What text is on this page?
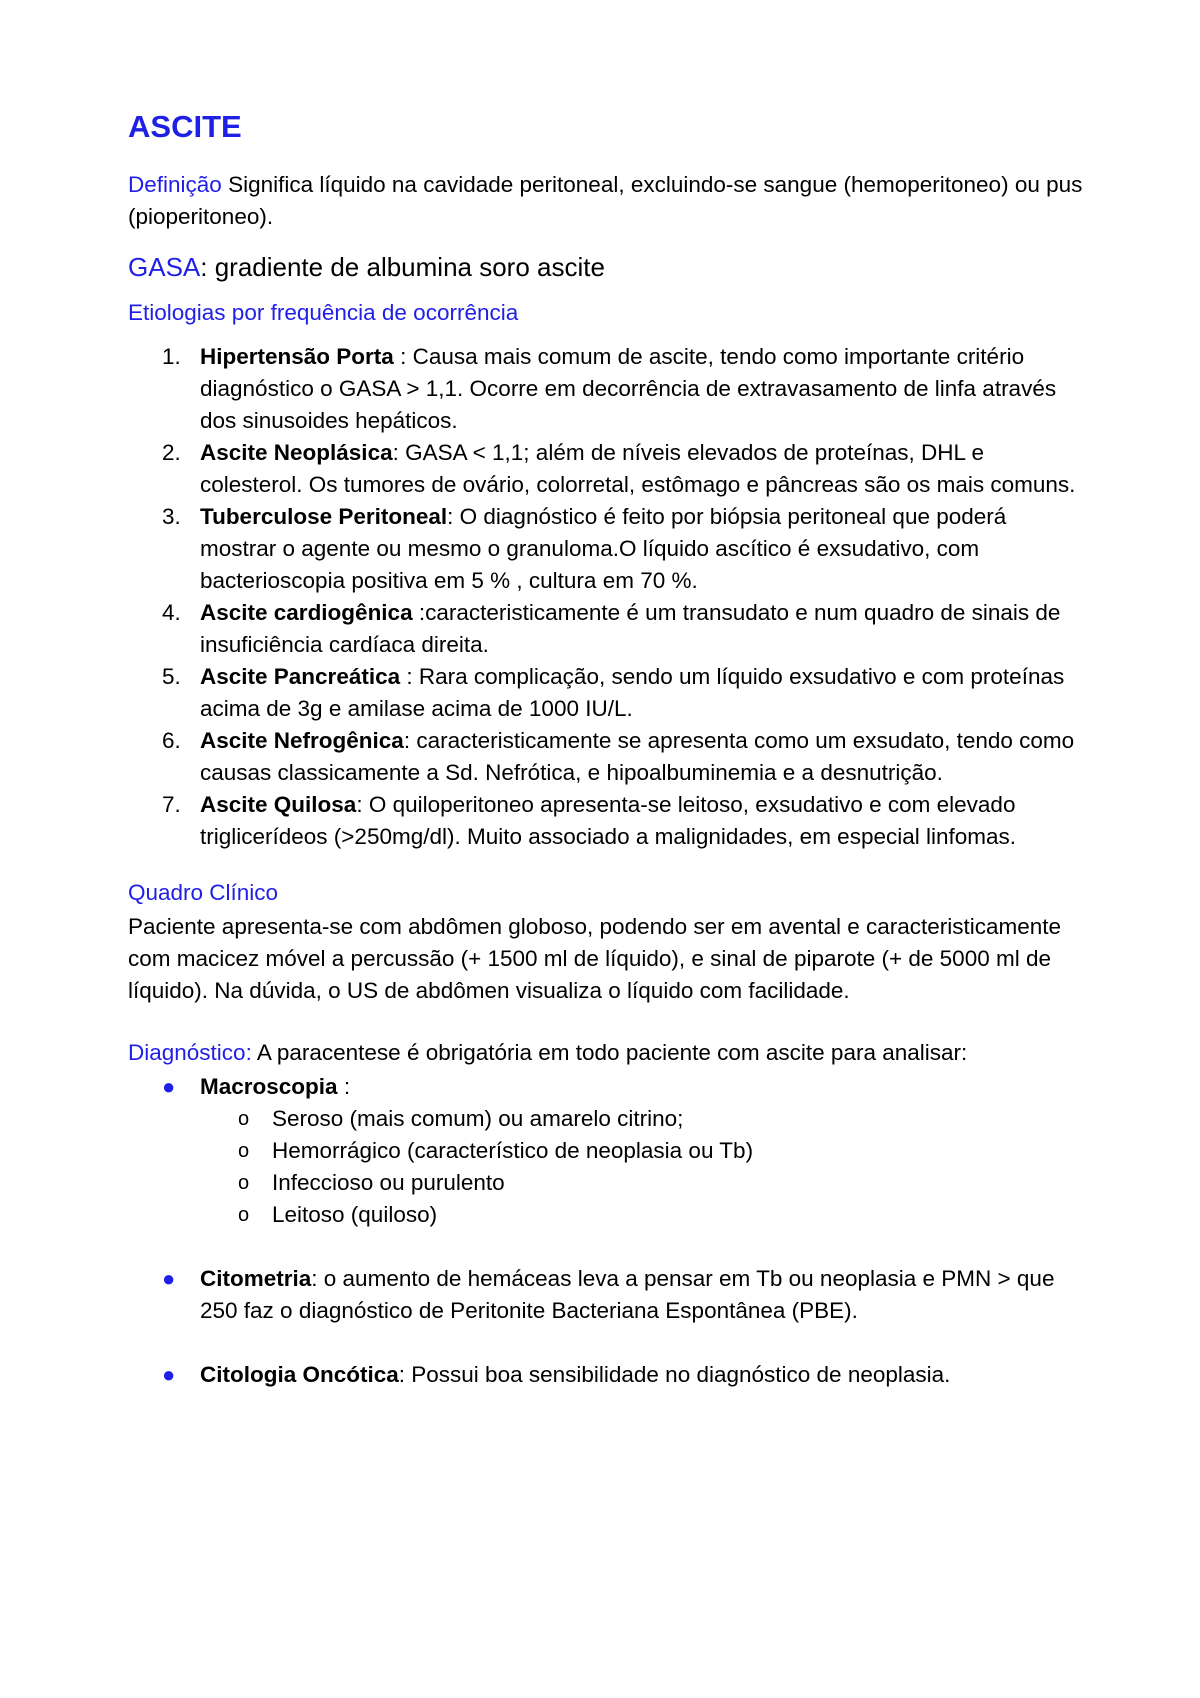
ASCITE

Definição Significa líquido na cavidade peritoneal, excluindo-se sangue (hemoperitoneo) ou pus (pioperitoneo).

GASA: gradiente de albumina soro ascite

Etiologias por frequência de ocorrência

1. Hipertensão Porta : Causa mais comum de ascite, tendo como importante critério diagnóstico o GASA > 1,1. Ocorre em decorrência de extravasamento de linfa através dos sinusoides hepáticos.
2. Ascite Neoplásica: GASA < 1,1; além de níveis elevados de proteínas, DHL e colesterol. Os tumores de ovário, colorretal, estômago e pâncreas são os mais comuns.
3. Tuberculose Peritoneal: O diagnóstico é feito por biópsia peritoneal que poderá mostrar o agente ou mesmo o granuloma.O líquido ascítico é exsudativo, com bacterioscopia positiva em 5 % , cultura em 70 %.
4. Ascite cardiogênica :caracteristicamente é um transudato e num quadro de sinais de insuficiência cardíaca direita.
5. Ascite Pancreática : Rara complicação, sendo um líquido exsudativo e com proteínas acima de 3g e amilase acima de 1000 IU/L.
6. Ascite Nefrogênica: caracteristicamente se apresenta como um exsudato, tendo como causas classicamente a Sd. Nefrótica, e hipoalbuminemia e a desnutrição.
7. Ascite Quilosa: O quiloperitoneo apresenta-se leitoso, exsudativo e com elevado triglicerídeos (>250mg/dl). Muito associado a malignidades, em especial linfomas.

Quadro Clínico

Paciente apresenta-se com abdômen globoso, podendo ser em avental e caracteristicamente com macicez móvel a percussão (+ 1500 ml de líquido), e sinal de piparote (+ de 5000 ml de líquido). Na dúvida, o US de abdômen visualiza o líquido com facilidade.

Diagnóstico: A paracentese é obrigatória em todo paciente com ascite para analisar:

● Macroscopia :
o Seroso (mais comum) ou amarelo citrino;
o Hemorrágico (característico de neoplasia ou Tb)
o Infeccioso ou purulento
o Leitoso (quiloso)
● Citometria: o aumento de hemáceas leva a pensar em Tb ou neoplasia e PMN > que 250 faz o diagnóstico de Peritonite Bacteriana Espontânea (PBE).
● Citologia Oncótica: Possui boa sensibilidade no diagnóstico de neoplasia.
